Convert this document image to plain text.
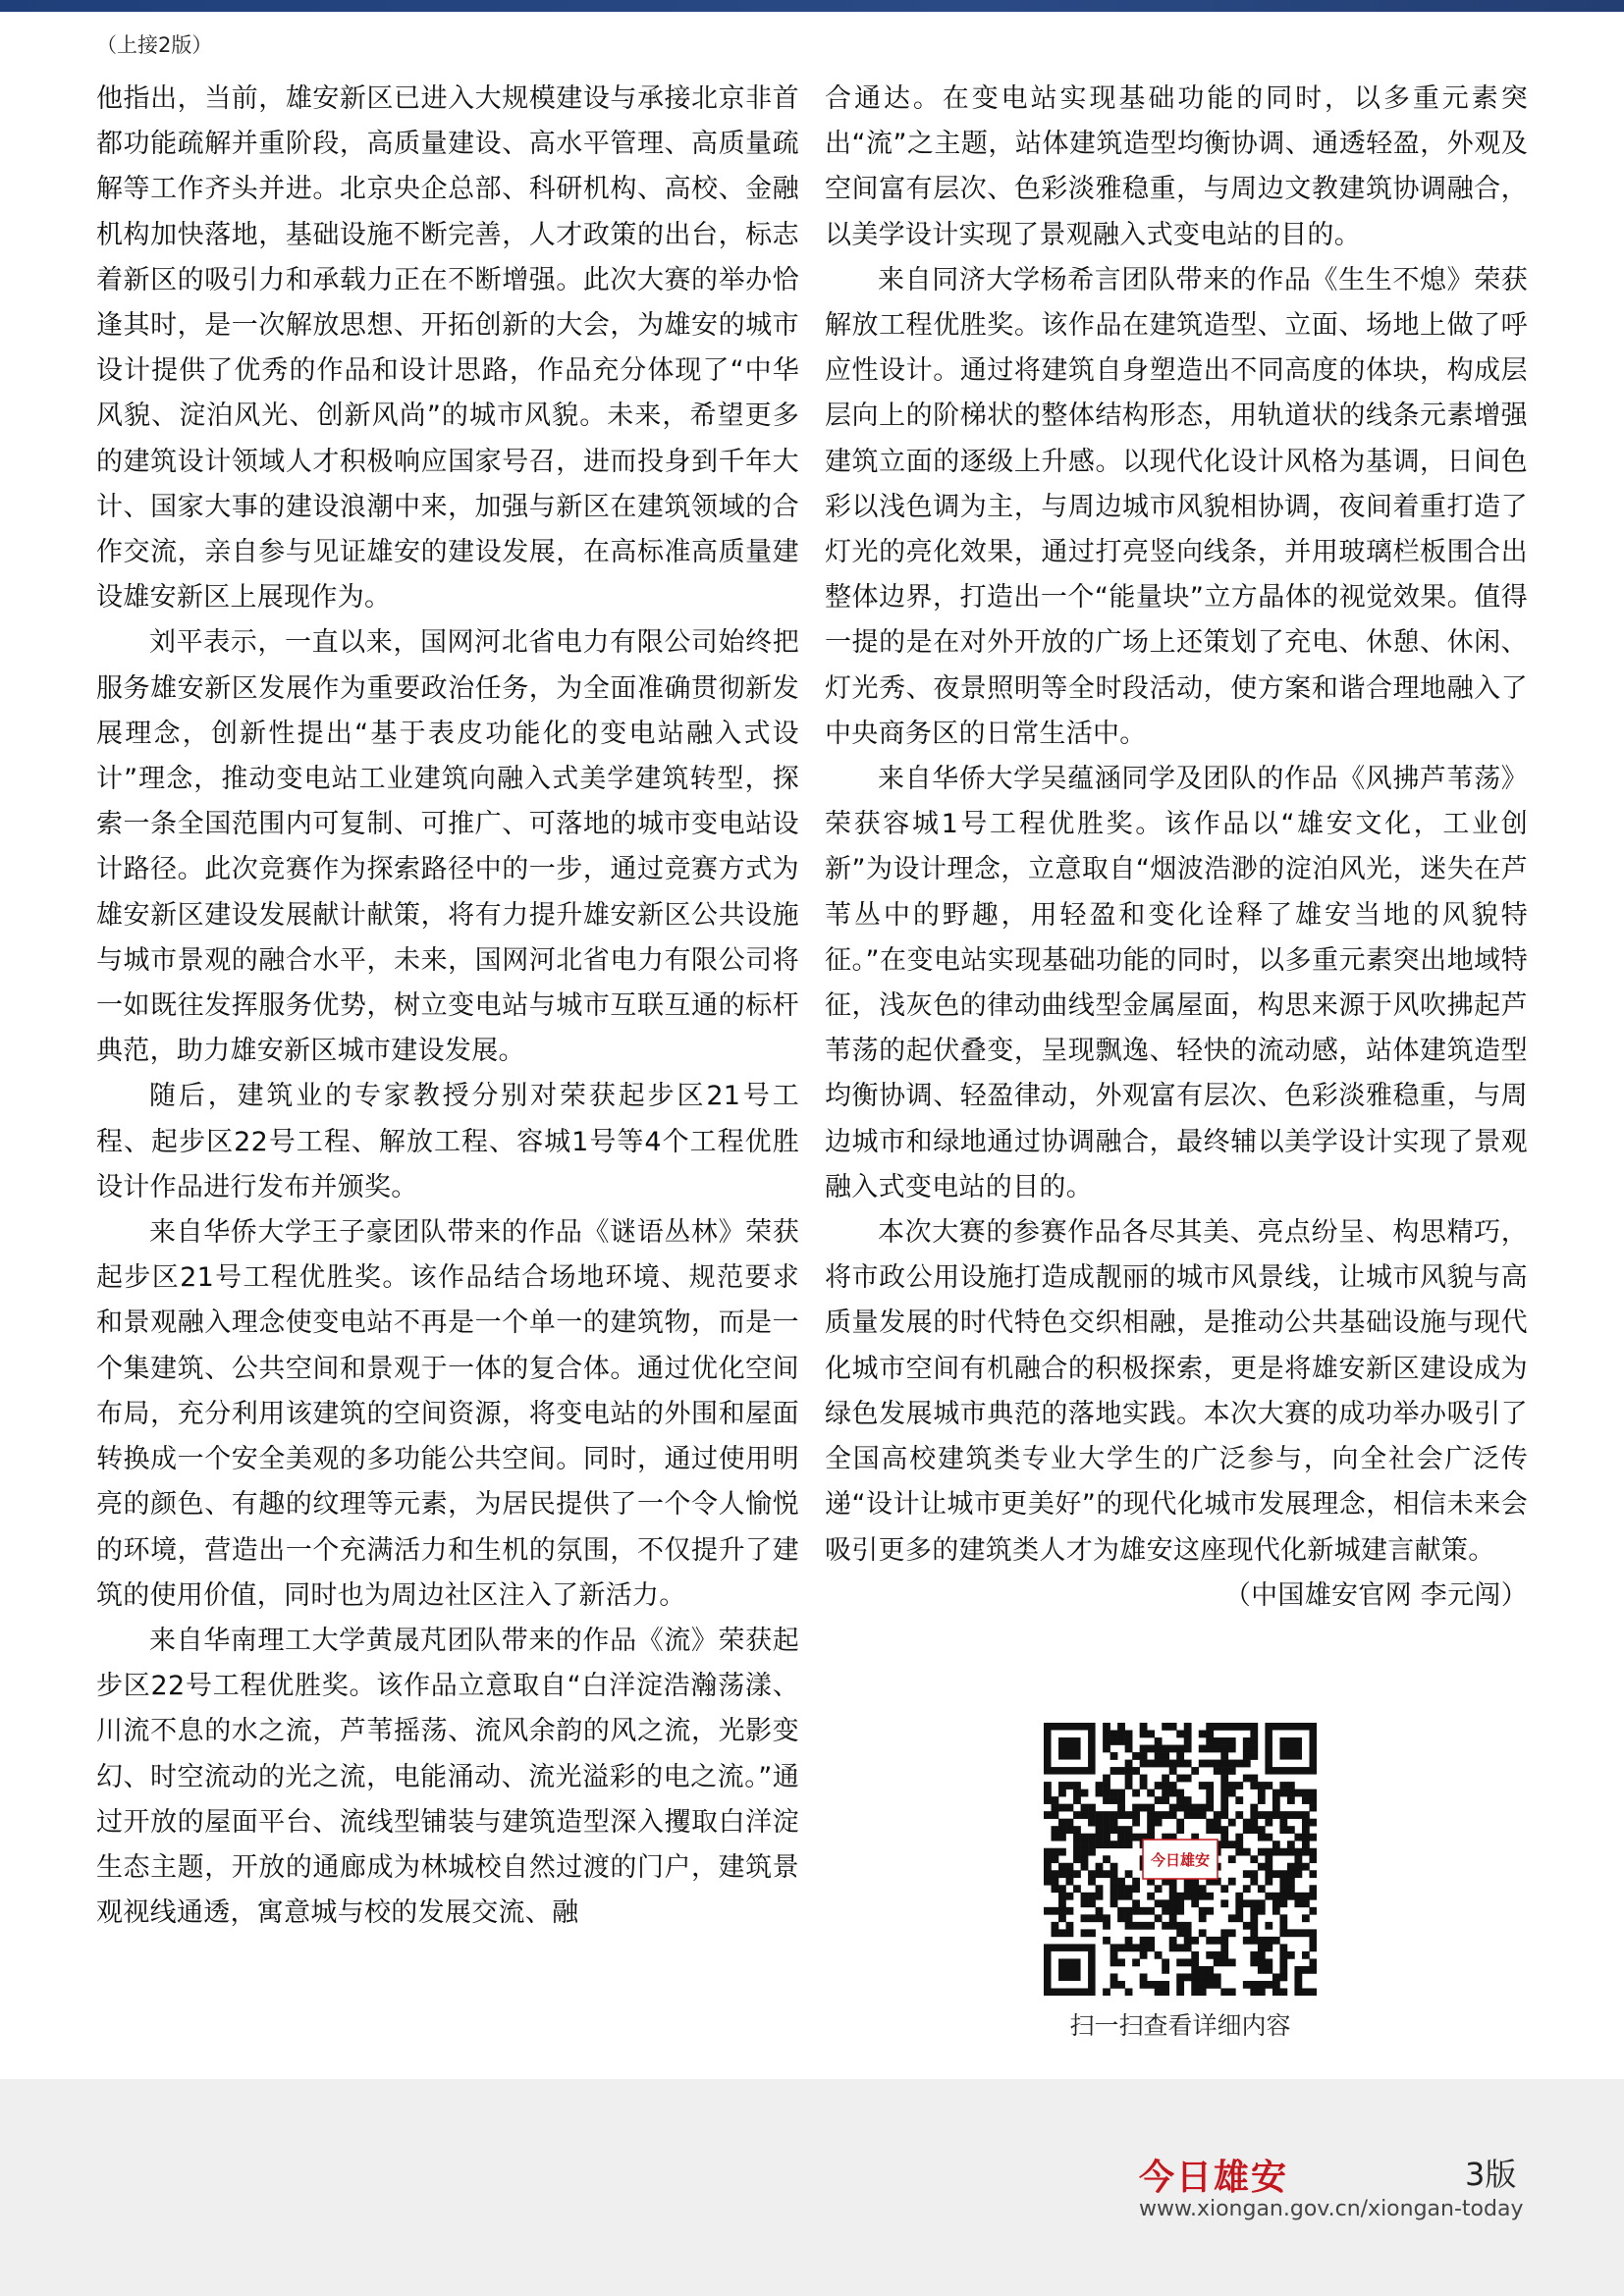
（上接2版）

他指出，当前，雄安新区已进入大规模建设与承接北京非首都功能疏解并重阶段，高质量建设、高水平管理、高质量疏解等工作齐头并进。北京央企总部、科研机构、高校、金融机构加快落地，基础设施不断完善，人才政策的出台，标志着新区的吸引力和承载力正在不断增强。此次大赛的举办恰逢其时，是一次解放思想、开拓创新的大会，为雄安的城市设计提供了优秀的作品和设计思路，作品充分体现了“中华风貌、淀泊风光、创新风尚”的城市风貌。未来，希望更多的建筑设计领域人才积极响应国家号召，进而投身到千年大计、国家大事的建设浪潮中来，加强与新区在建筑领域的合作交流，亲自参与见证雄安的建设发展，在高标准高质量建设雄安新区上展现作为。

刘平表示，一直以来，国网河北省电力有限公司始终把服务雄安新区发展作为重要政治任务，为全面准确贯彻新发展理念，创新性提出“基于表皮功能化的变电站融入式设计”理念，推动变电站工业建筑向融入式美学建筑转型，探索一条全国范围内可复制、可推广、可落地的城市变电站设计路径。此次竞赛作为探索路径中的一步，通过竞赛方式为雄安新区建设发展献计献策，将有力提升雄安新区公共设施与城市景观的融合水平，未来，国网河北省电力有限公司将一如既往发挥服务优势，树立变电站与城市互联互通的标杆典范，助力雄安新区城市建设发展。

随后，建筑业的专家教授分别对荣获起步区21号工程、起步区22号工程、解放工程、容城1号等4个工程优胜设计作品进行发布并颁奖。

来自华侨大学王子豪团队带来的作品《谜语丛林》荣获起步区21号工程优胜奖。该作品结合场地环境、规范要求和景观融入理念使变电站不再是一个单一的建筑物，而是一个集建筑、公共空间和景观于一体的复合体。通过优化空间布局，充分利用该建筑的空间资源，将变电站的外围和屋面转换成一个安全美观的多功能公共空间。同时，通过使用明亮的颜色、有趣的纹理等元素，为居民提供了一个令人愉悦的环境，营造出一个充满活力和生机的氛围，不仅提升了建筑的使用价值，同时也为周边社区注入了新活力。

来自华南理工大学黄晟芃团队带来的作品《流》荣获起步区22号工程优胜奖。该作品立意取自“白洋淀浩瀚荡漾、川流不息的水之流，芦苇摇荡、流风余韵的风之流，光影变幻、时空流动的光之流，电能涌动、流光溢彩的电之流。”通过开放的屋面平台、流线型铺装与建筑造型深入攫取白洋淀生态主题，开放的通廊成为林城校自然过渡的门户，建筑景观视线通透，寓意城与校的发展交流、融

合通达。在变电站实现基础功能的同时，以多重元素突出“流”之主题，站体建筑造型均衡协调、通透轻盈，外观及空间富有层次、色彩淡雅稳重，与周边文教建筑协调融合，以美学设计实现了景观融入式变电站的目的。

来自同济大学杨希言团队带来的作品《生生不熄》荣获解放工程优胜奖。该作品在建筑造型、立面、场地上做了呼应性设计。通过将建筑自身塑造出不同高度的体块，构成层层向上的阶梯状的整体结构形态，用轨道状的线条元素增强建筑立面的逐级上升感。以现代化设计风格为基调，日间色彩以浅色调为主，与周边城市风貌相协调，夜间着重打造了灯光的亮化效果，通过打亮竖向线条，并用玻璃栏板围合出整体边界，打造出一个“能量块”立方晶体的视觉效果。值得一提的是在对外开放的广场上还策划了充电、休憩、休闲、灯光秀、夜景照明等全时段活动，使方案和谐合理地融入了中央商务区的日常生活中。

来自华侨大学吴蕴涵同学及团队的作品《风拂芦苇荡》荣获容城1号工程优胜奖。该作品以“雄安文化，工业创新”为设计理念，立意取自“烟波浩渺的淀泊风光，迷失在芦苇丛中的野趣，用轻盈和变化诠释了雄安当地的风貌特征。”在变电站实现基础功能的同时，以多重元素突出地域特征，浅灰色的律动曲线型金属屋面，构思来源于风吹拂起芦苇荡的起伏叠变，呈现飘逸、轻快的流动感，站体建筑造型均衡协调、轻盈律动，外观富有层次、色彩淡雅稳重，与周边城市和绿地通过协调融合，最终辅以美学设计实现了景观融入式变电站的目的。

本次大赛的参赛作品各尽其美、亮点纷呈、构思精巧，将市政公用设施打造成靓丽的城市风景线，让城市风貌与高质量发展的时代特色交织相融，是推动公共基础设施与现代化城市空间有机融合的积极探索，更是将雄安新区建设成为绿色发展城市典范的落地实践。本次大赛的成功举办吸引了全国高校建筑类专业大学生的广泛参与，向全社会广泛传递“设计让城市更美好”的现代化城市发展理念，相信未来会吸引更多的建筑类人才为雄安这座现代化新城建言献策。
（中国雄安官网 李元闯）

今日雄安
扫一扫查看详细内容
今日雄安	3版
www.xiongan.gov.cn/xiongan-today
